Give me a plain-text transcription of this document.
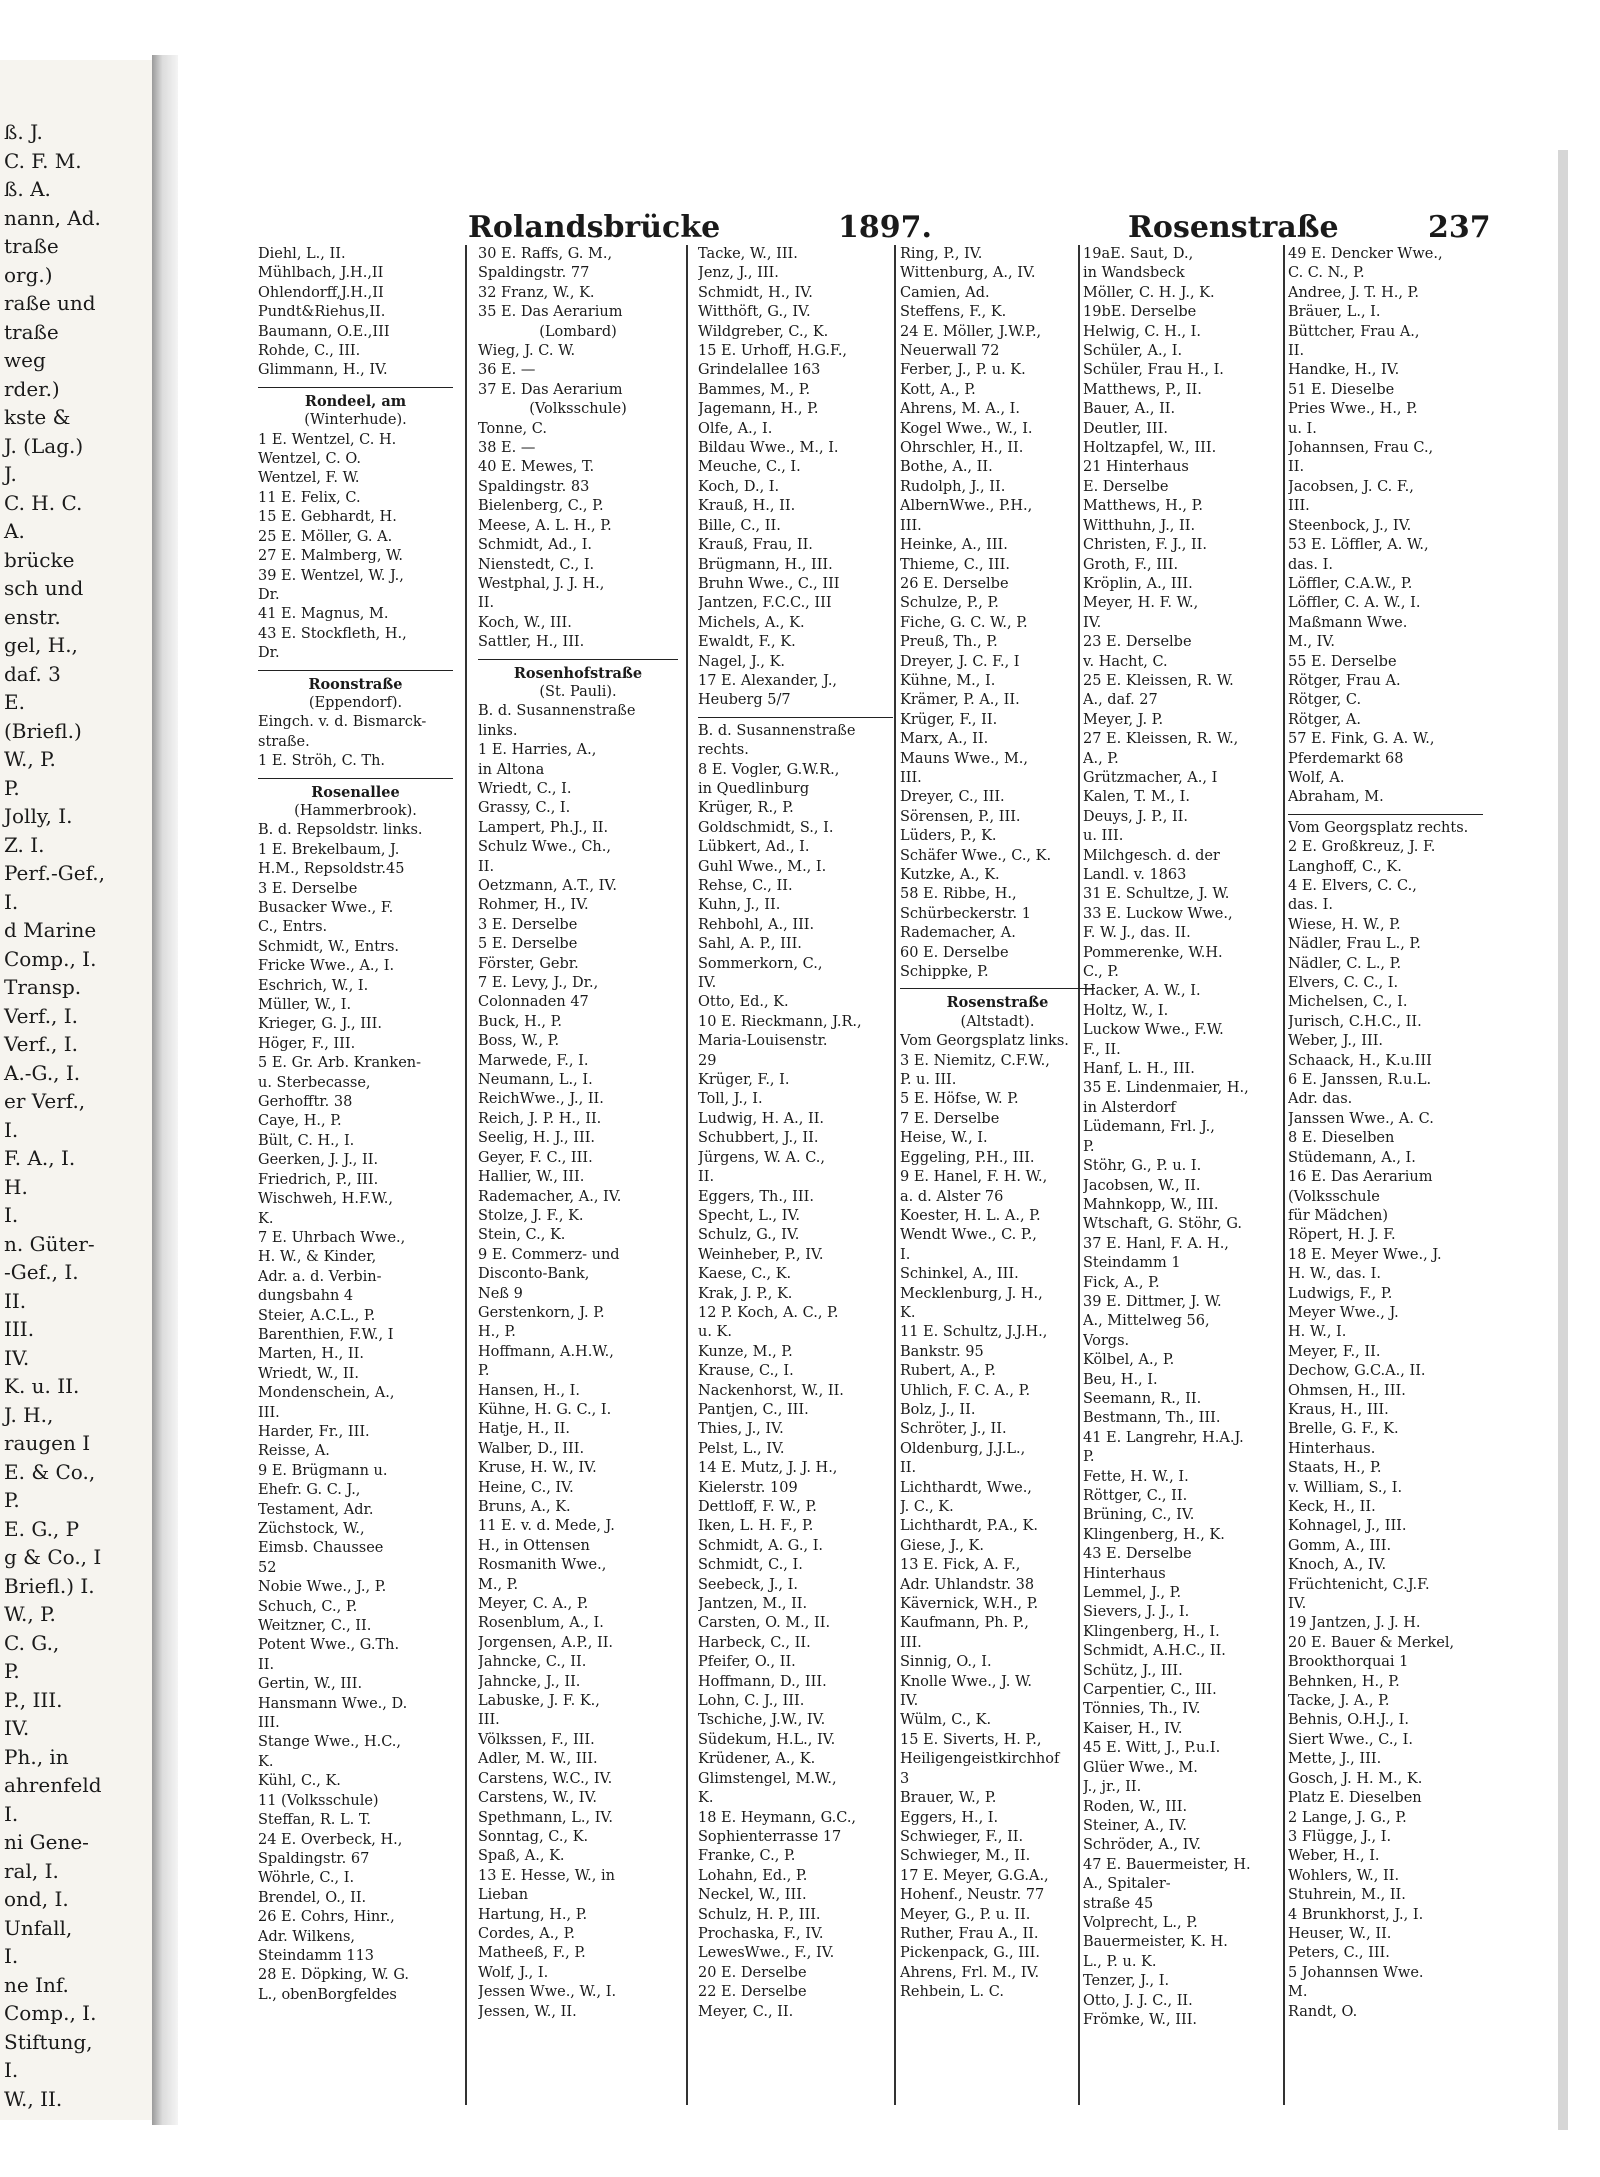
ß. J.
C. F. M.
ß. A.
nann, Ad.
traße
org.)
raße und
traße
weg
rder.)
kste &
J. (Lag.)
J.
C. H. C.
A.
brücke
sch und
enstr.
gel, H.,
daf. 3
E.
(Briefl.)
W., P.
P.
Jolly, I.
Z. I.
Perf.-Gef.,
I.
d Marine
Comp., I.
Transp.
Verf., I.
Verf., I.
A.-G., I.
er Verf.,
I.
F. A., I.
H.
I.
n. Güter-
-Gef., I.
II.
III.
IV.
K. u. II.
J. H.,
raugen I
E. & Co.,
P.
E. G., P
g & Co., I
Briefl.) I.
W., P.
C. G.,
P.
P., III.
IV.
Ph., in
ahrenfeld
I.
ni Gene-
ral, I.
ond, I.
Unfall,
I.
ne Inf.
Comp., I.
Stiftung,
I.
W., II.
Rolandsbrücke	1897.	Rosenstraße	237
Diehl, L., II.
Mühlbach, J.H.,II
Ohlendorff,J.H.,II
Pundt&Riehus,II.
Baumann, O.E.,III
Rohde, C., III.
Glimmann, H., IV.
Rondeel, am
(Winterhude).
1 E. Wentzel, C. H.
Wentzel, C. O.
Wentzel, F. W.
11 E. Felix, C.
15 E. Gebhardt, H.
25 E. Möller, G. A.
27 E. Malmberg, W.
39 E. Wentzel, W. J.,
Dr.
41 E. Magnus, M.
43 E. Stockfleth, H.,
Dr.
Roonstraße
(Eppendorf).
Eingch. v. d. Bismarck-
straße.
1 E. Ströh, C. Th.
Rosenallee
(Hammerbrook).
B. d. Repsoldstr. links.
1 E. Brekelbaum, J.
H.M., Repsoldstr.45
3 E. Derselbe
Busacker Wwe., F.
C., Entrs.
Schmidt, W., Entrs.
Fricke Wwe., A., I.
Eschrich, W., I.
Müller, W., I.
Krieger, G. J., III.
Höger, F., III.
5 E. Gr. Arb. Kranken-
u. Sterbecasse,
Gerhofftr. 38
Caye, H., P.
Bült, C. H., I.
Geerken, J. J., II.
Friedrich, P., III.
Wischweh, H.F.W.,
K.
7 E. Uhrbach Wwe.,
H. W., & Kinder,
Adr. a. d. Verbin-
dungsbahn 4
Steier, A.C.L., P.
Barenthien, F.W., I
Marten, H., II.
Wriedt, W., II.
Mondenschein, A.,
III.
Harder, Fr., III.
Reisse, A.
9 E. Brügmann u.
Ehefr. G. C. J.,
Testament, Adr.
Züchstock, W.,
Eimsb. Chaussee
52
Nobie Wwe., J., P.
Schuch, C., P.
Weitzner, C., II.
Potent Wwe., G.Th.
II.
Gertin, W., III.
Hansmann Wwe., D.
III.
Stange Wwe., H.C.,
K.
Kühl, C., K.
11 (Volksschule)
Steffan, R. L. T.
24 E. Overbeck, H.,
Spaldingstr. 67
Wöhrle, C., I.
Brendel, O., II.
26 E. Cohrs, Hinr.,
Adr. Wilkens,
Steindamm 113
28 E. Döpking, W. G.
L., obenBorgfeldes
30 E. Raffs, G. M.,
Spaldingstr. 77
32 Franz, W., K.
35 E. Das Aerarium
(Lombard)
Wieg, J. C. W.
36 E. —
37 E. Das Aerarium
(Volksschule)
Tonne, C.
38 E. —
40 E. Mewes, T.
Spaldingstr. 83
Bielenberg, C., P.
Meese, A. L. H., P.
Schmidt, Ad., I.
Nienstedt, C., I.
Westphal, J. J. H.,
II.
Koch, W., III.
Sattler, H., III.
Rosenhofstraße
(St. Pauli).
B. d. Susannenstraße
links.
1 E. Harries, A.,
in Altona
Wriedt, C., I.
Grassy, C., I.
Lampert, Ph.J., II.
Schulz Wwe., Ch.,
II.
Oetzmann, A.T., IV.
Rohmer, H., IV.
3 E. Derselbe
5 E. Derselbe
Förster, Gebr.
7 E. Levy, J., Dr.,
Colonnaden 47
Buck, H., P.
Boss, W., P.
Marwede, F., I.
Neumann, L., I.
ReichWwe., J., II.
Reich, J. P. H., II.
Seelig, H. J., III.
Geyer, F. C., III.
Hallier, W., III.
Rademacher, A., IV.
Stolze, J. F., K.
Stein, C., K.
9 E. Commerz- und
Disconto-Bank,
Neß 9
Gerstenkorn, J. P.
H., P.
Hoffmann, A.H.W.,
P.
Hansen, H., I.
Kühne, H. G. C., I.
Hatje, H., II.
Walber, D., III.
Kruse, H. W., IV.
Heine, C., IV.
Bruns, A., K.
11 E. v. d. Mede, J.
H., in Ottensen
Rosmanith Wwe.,
M., P.
Meyer, C. A., P.
Rosenblum, A., I.
Jorgensen, A.P., II.
Jahncke, C., II.
Jahncke, J., II.
Labuske, J. F. K.,
III.
Völkssen, F., III.
Adler, M. W., III.
Carstens, W.C., IV.
Carstens, W., IV.
Spethmann, L., IV.
Sonntag, C., K.
Spaß, A., K.
13 E. Hesse, W., in
Lieban
Hartung, H., P.
Cordes, A., P.
Matheeß, F., P.
Wolf, J., I.
Jessen Wwe., W., I.
Jessen, W., II.
Tacke, W., III.
Jenz, J., III.
Schmidt, H., IV.
Witthöft, G., IV.
Wildgreber, C., K.
15 E. Urhoff, H.G.F.,
Grindelallee 163
Bammes, M., P.
Jagemann, H., P.
Olfe, A., I.
Bildau Wwe., M., I.
Meuche, C., I.
Koch, D., I.
Krauß, H., II.
Bille, C., II.
Krauß, Frau, II.
Brügmann, H., III.
Bruhn Wwe., C., III
Jantzen, F.C.C., III
Michels, A., K.
Ewaldt, F., K.
Nagel, J., K.
17 E. Alexander, J.,
Heuberg 5/7
B. d. Susannenstraße
rechts.
8 E. Vogler, G.W.R.,
in Quedlinburg
Krüger, R., P.
Goldschmidt, S., I.
Lübkert, Ad., I.
Guhl Wwe., M., I.
Rehse, C., II.
Kuhn, J., II.
Rehbohl, A., III.
Sahl, A. P., III.
Sommerkorn, C.,
IV.
Otto, Ed., K.
10 E. Rieckmann, J.R.,
Maria-Louisenstr.
29
Krüger, F., I.
Toll, J., I.
Ludwig, H. A., II.
Schubbert, J., II.
Jürgens, W. A. C.,
II.
Eggers, Th., III.
Specht, L., IV.
Schulz, G., IV.
Weinheber, P., IV.
Kaese, C., K.
Krak, J. P., K.
12 P. Koch, A. C., P.
u. K.
Kunze, M., P.
Krause, C., I.
Nackenhorst, W., II.
Pantjen, C., III.
Thies, J., IV.
Pelst, L., IV.
14 E. Mutz, J. J. H.,
Kielerstr. 109
Dettloff, F. W., P.
Iken, L. H. F., P.
Schmidt, A. G., I.
Schmidt, C., I.
Seebeck, J., I.
Jantzen, M., II.
Carsten, O. M., II.
Harbeck, C., II.
Pfeifer, O., II.
Hoffmann, D., III.
Lohn, C. J., III.
Tschiche, J.W., IV.
Südekum, H.L., IV.
Krüdener, A., K.
Glimstengel, M.W.,
K.
18 E. Heymann, G.C.,
Sophienterrasse 17
Franke, C., P.
Lohahn, Ed., P.
Neckel, W., III.
Schulz, H. P., III.
Prochaska, F., IV.
LewesWwe., F., IV.
20 E. Derselbe
22 E. Derselbe
Meyer, C., II.
Ring, P., IV.
Wittenburg, A., IV.
Camien, Ad.
Steffens, F., K.
24 E. Möller, J.W.P.,
Neuerwall 72
Ferber, J., P. u. K.
Kott, A., P.
Ahrens, M. A., I.
Kogel Wwe., W., I.
Ohrschler, H., II.
Bothe, A., II.
Rudolph, J., II.
AlbernWwe., P.H.,
III.
Heinke, A., III.
Thieme, C., III.
26 E. Derselbe
Schulze, P., P.
Fiche, G. C. W., P.
Preuß, Th., P.
Dreyer, J. C. F., I
Kühne, M., I.
Krämer, P. A., II.
Krüger, F., II.
Marx, A., II.
Mauns Wwe., M.,
III.
Dreyer, C., III.
Sörensen, P., III.
Lüders, P., K.
Schäfer Wwe., C., K.
Kutzke, A., K.
58 E. Ribbe, H.,
Schürbeckerstr. 1
Rademacher, A.
60 E. Derselbe
Schippke, P.
Rosenstraße
(Altstadt).
Vom Georgsplatz links.
3 E. Niemitz, C.F.W.,
P. u. III.
5 E. Höfse, W. P.
7 E. Derselbe
Heise, W., I.
Eggeling, P.H., III.
9 E. Hanel, F. H. W.,
a. d. Alster 76
Koester, H. L. A., P.
Wendt Wwe., C. P.,
I.
Schinkel, A., III.
Mecklenburg, J. H.,
K.
11 E. Schultz, J.J.H.,
Bankstr. 95
Rubert, A., P.
Uhlich, F. C. A., P.
Bolz, J., II.
Schröter, J., II.
Oldenburg, J.J.L.,
II.
Lichthardt, Wwe.,
J. C., K.
Lichthardt, P.A., K.
Giese, J., K.
13 E. Fick, A. F.,
Adr. Uhlandstr. 38
Kävernick, W.H., P.
Kaufmann, Ph. P.,
III.
Sinnig, O., I.
Knolle Wwe., J. W.
IV.
Wülm, C., K.
15 E. Siverts, H. P.,
Heiligengeistkirchhof
3
Brauer, W., P.
Eggers, H., I.
Schwieger, F., II.
Schwieger, M., II.
17 E. Meyer, G.G.A.,
Hohenf., Neustr. 77
Meyer, G., P. u. II.
Ruther, Frau A., II.
Pickenpack, G., III.
Ahrens, Frl. M., IV.
Rehbein, L. C.
19aE. Saut, D.,
in Wandsbeck
Möller, C. H. J., K.
19bE. Derselbe
Helwig, C. H., I.
Schüler, A., I.
Schüler, Frau H., I.
Matthews, P., II.
Bauer, A., II.
Deutler, III.
Holtzapfel, W., III.
21 Hinterhaus
E. Derselbe
Matthews, H., P.
Witthuhn, J., II.
Christen, F. J., II.
Groth, F., III.
Kröplin, A., III.
Meyer, H. F. W.,
IV.
23 E. Derselbe
v. Hacht, C.
25 E. Kleissen, R. W.
A., daf. 27
Meyer, J. P.
27 E. Kleissen, R. W.,
A., P.
Grützmacher, A., I
Kalen, T. M., I.
Deuys, J. P., II.
u. III.
Milchgesch. d. der
Landl. v. 1863
31 E. Schultze, J. W.
33 E. Luckow Wwe.,
F. W. J., das. II.
Pommerenke, W.H.
C., P.
Hacker, A. W., I.
Holtz, W., I.
Luckow Wwe., F.W.
F., II.
Hanf, L. H., III.
35 E. Lindenmaier, H.,
in Alsterdorf
Lüdemann, Frl. J.,
P.
Stöhr, G., P. u. I.
Jacobsen, W., II.
Mahnkopp, W., III.
Wtschaft, G. Stöhr, G.
37 E. Hanl, F. A. H.,
Steindamm 1
Fick, A., P.
39 E. Dittmer, J. W.
A., Mittelweg 56,
Vorgs.
Kölbel, A., P.
Beu, H., I.
Seemann, R., II.
Bestmann, Th., III.
41 E. Langrehr, H.A.J.
P.
Fette, H. W., I.
Röttger, C., II.
Brüning, C., IV.
Klingenberg, H., K.
43 E. Derselbe
Hinterhaus
Lemmel, J., P.
Sievers, J. J., I.
Klingenberg, H., I.
Schmidt, A.H.C., II.
Schütz, J., III.
Carpentier, C., III.
Tönnies, Th., IV.
Kaiser, H., IV.
45 E. Witt, J., P.u.I.
Glüer Wwe., M.
J., jr., II.
Roden, W., III.
Steiner, A., IV.
Schröder, A., IV.
47 E. Bauermeister, H.
A., Spitaler-
straße 45
Volprecht, L., P.
Bauermeister, K. H.
L., P. u. K.
Tenzer, J., I.
Otto, J. J. C., II.
Frömke, W., III.
49 E. Dencker Wwe.,
C. C. N., P.
Andree, J. T. H., P.
Bräuer, L., I.
Büttcher, Frau A.,
II.
Handke, H., IV.
51 E. Dieselbe
Pries Wwe., H., P.
u. I.
Johannsen, Frau C.,
II.
Jacobsen, J. C. F.,
III.
Steenbock, J., IV.
53 E. Löffler, A. W.,
das. I.
Löffler, C.A.W., P.
Löffler, C. A. W., I.
Maßmann Wwe.
M., IV.
55 E. Derselbe
Rötger, Frau A.
Rötger, C.
Rötger, A.
57 E. Fink, G. A. W.,
Pferdemarkt 68
Wolf, A.
Abraham, M.
Vom Georgsplatz rechts.
2 E. Großkreuz, J. F.
Langhoff, C., K.
4 E. Elvers, C. C.,
das. I.
Wiese, H. W., P.
Nädler, Frau L., P.
Nädler, C. L., P.
Elvers, C. C., I.
Michelsen, C., I.
Jurisch, C.H.C., II.
Weber, J., III.
Schaack, H., K.u.III
6 E. Janssen, R.u.L.
Adr. das.
Janssen Wwe., A. C.
8 E. Dieselben
Stüdemann, A., I.
16 E. Das Aerarium
(Volksschule
für Mädchen)
Röpert, H. J. F.
18 E. Meyer Wwe., J.
H. W., das. I.
Ludwigs, F., P.
Meyer Wwe., J.
H. W., I.
Meyer, F., II.
Dechow, G.C.A., II.
Ohmsen, H., III.
Kraus, H., III.
Brelle, G. F., K.
Hinterhaus.
Staats, H., P.
v. William, S., I.
Keck, H., II.
Kohnagel, J., III.
Gomm, A., III.
Knoch, A., IV.
Früchtenicht, C.J.F.
IV.
19 Jantzen, J. J. H.
20 E. Bauer & Merkel,
Brookthorquai 1
Behnken, H., P.
Tacke, J. A., P.
Behnis, O.H.J., I.
Siert Wwe., C., I.
Mette, J., III.
Gosch, J. H. M., K.
Platz E. Dieselben
2 Lange, J. G., P.
3 Flügge, J., I.
Weber, H., I.
Wohlers, W., II.
Stuhrein, M., II.
4 Brunkhorst, J., I.
Heuser, W., II.
Peters, C., III.
5 Johannsen Wwe.
M.
Randt, O.
